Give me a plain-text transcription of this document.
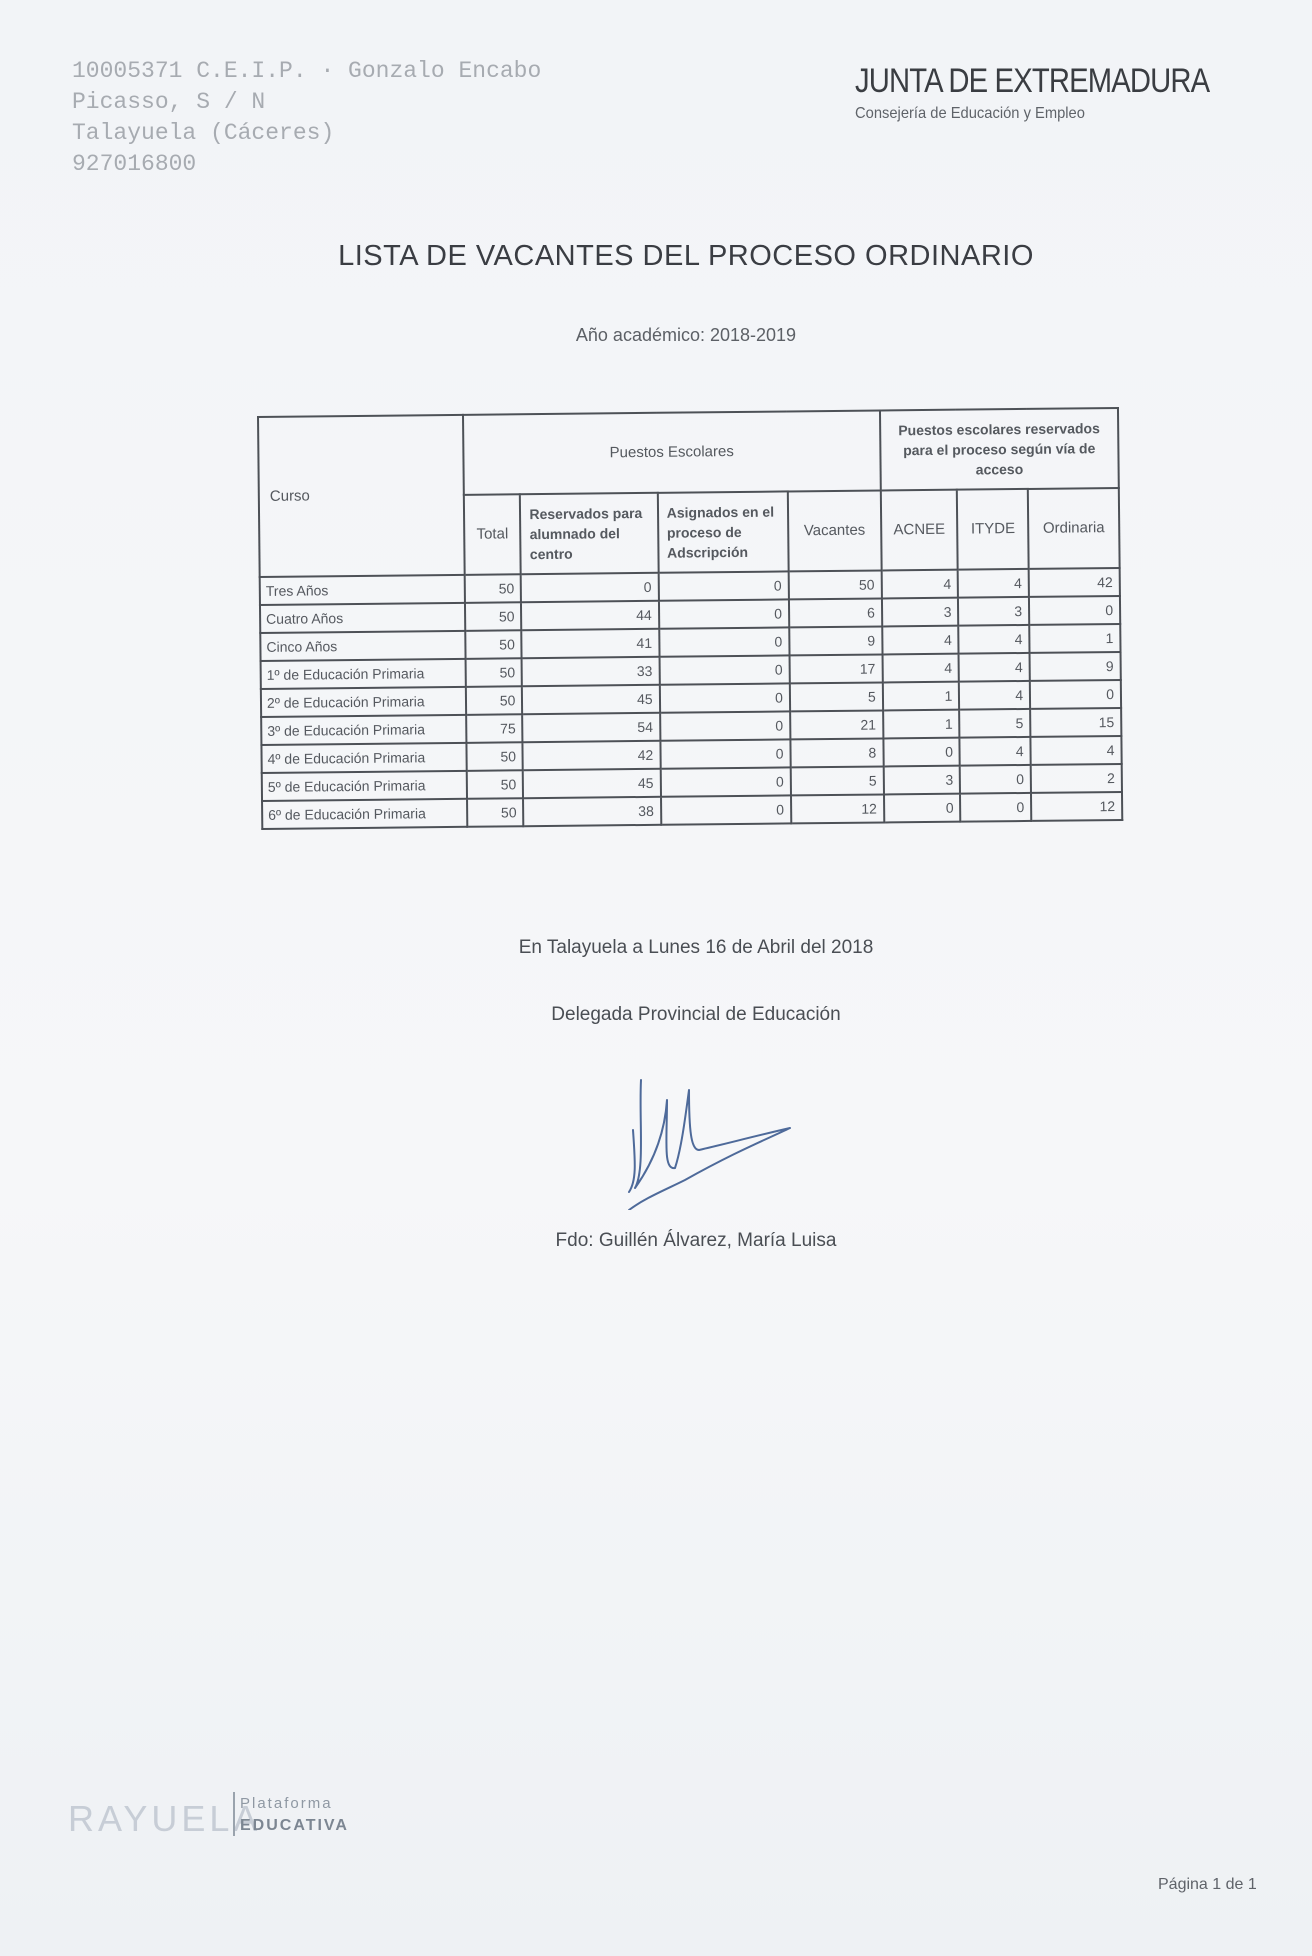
10005371 C.E.I.P. · Gonzalo Encabo
Picasso, S / N
Talayuela (Cáceres)
927016800
JUNTA DE EXTREMADURA
Consejería de Educación y Empleo
LISTA DE VACANTES DEL PROCESO ORDINARIO
Año académico: 2018-2019
Curso	Puestos Escolares				Puestos escolares reservados para el proceso según vía de acceso		
	Total	Reservados para alumnado del centro	Asignados en el proceso de Adscripción	Vacantes	ACNEE	ITYDE	Ordinaria
Tres Años	50	0	0	50	4	4	42
Cuatro Años	50	44	0	6	3	3	0
Cinco Años	50	41	0	9	4	4	1
1º de Educación Primaria	50	33	0	17	4	4	9
2º de Educación Primaria	50	45	0	5	1	4	0
3º de Educación Primaria	75	54	0	21	1	5	15
4º de Educación Primaria	50	42	0	8	0	4	4
5º de Educación Primaria	50	45	0	5	3	0	2
6º de Educación Primaria	50	38	0	12	0	0	12
En Talayuela a Lunes 16 de Abril del 2018
Delegada Provincial de Educación
Fdo: Guillén Álvarez, María Luisa
RAYUELA
Plataforma
EDUCATIVA
Página 1 de 1
